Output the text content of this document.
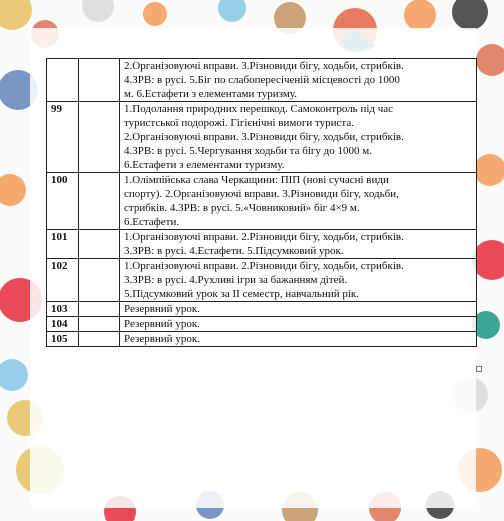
		2.Організовуючі вправи. 3.Різновиди бігу, ходьби, стрибків.
4.ЗРВ: в русі. 5.Біг по слабопересіченій місцевості до 1000
м. 6.Естафети з елементами туризму.

99		1.Подолання природних перешкод. Самоконтроль під час
туристської подорожі. Гігієнічні вимоги туриста.
2.Організовуючі вправи. 3.Різновиди бігу, ходьби, стрибків.
4.ЗРВ: в русі. 5.Чергування ходьби та бігу до 1000 м.
6.Естафети з елементами туризму.

100		1.Олімпійська слава Черкащини: ПІП (нові сучасні види
спорту). 2.Організовуючі вправи. 3.Різновиди бігу, ходьби,
стрибків. 4.ЗРВ: в русі. 5.«Човниковий» біг 4×9 м.
6.Естафети.

101		1.Організовуючі вправи. 2.Різновиди бігу, ходьби, стрибків.
3.ЗРВ: в русі. 4.Естафети. 5.Підсумковий урок.

102		1.Організовуючі вправи. 2.Різновиди бігу, ходьби, стрибків.
3.ЗРВ: в русі. 4.Рухливі ігри за бажанням дітей.
5.Підсумковий урок за ІІ семестр, навчальний рік.

103		Резервний урок.

104		Резервний урок.

105		Резервний урок.
